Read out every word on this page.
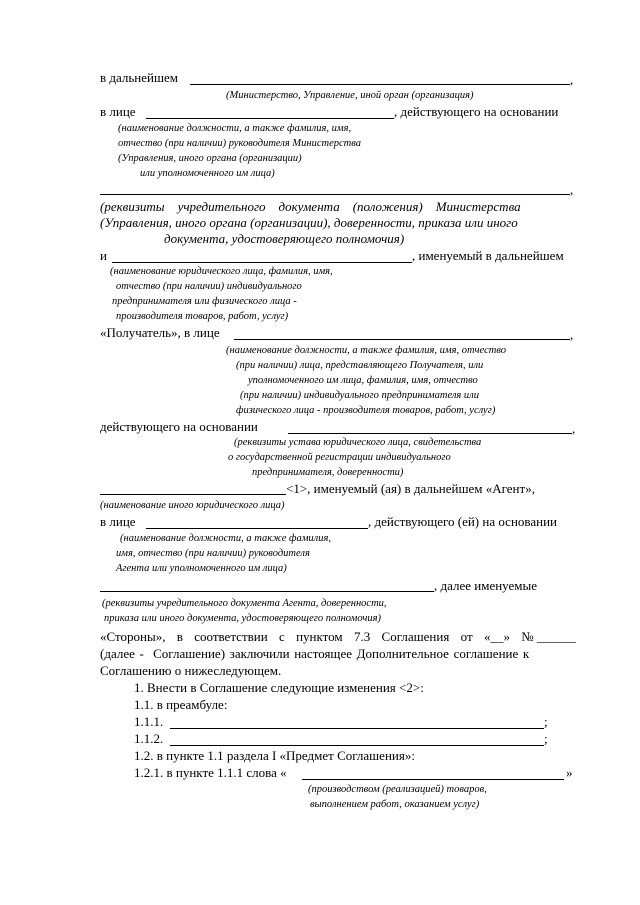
в дальнейшем	,
(Министерство, Управление, иной орган (организация)
в лице	, действующего на основании
(наименование должности, а также фамилия, имя,
отчество (при наличии) руководителя Министерства
(Управления, иного органа (организации)
или уполномоченного им лица)
,
(реквизиты    учредительного    документа    (положения)    Министерства
(Управления, иного органа (организации), доверенности, приказа или иного
документа, удостоверяющего полномочия)
и	, именуемый в дальнейшем
(наименование юридического лица, фамилия, имя,
отчество (при наличии) индивидуального
предпринимателя или физического лица -
производителя товаров, работ, услуг)
«Получатель», в лице	,
(наименование должности, а также фамилия, имя, отчество
(при наличии) лица, представляющего Получателя, или
уполномоченного им лица, фамилия, имя, отчество
(при наличии) индивидуального предпринимателя или
физического лица - производителя товаров, работ, услуг)
действующего на основании	,
(реквизиты устава юридического лица, свидетельства
о государственной регистрации индивидуального
предпринимателя, доверенности)
<1>, именуемый (ая) в дальнейшем «Агент»,
(наименование иного юридического лица)
в лице	, действующего (ей) на основании
(наименование должности, а также фамилия,
имя, отчество (при наличии) руководителя
Агента или уполномоченного им лица)
, далее именуемые
(реквизиты учредительного документа Агента, доверенности,
приказа или иного документа, удостоверяющего полномочия)
«Стороны», в соответствии с пунктом 7.3 Соглашения от «__» № ______
(далее -  Соглашение) заключили настоящее Дополнительное соглашение к
Соглашению о нижеследующем.
1. Внести в Соглашение следующие изменения <2>:
1.1. в преамбуле:
1.1.1.	;
1.1.2.	;
1.2. в пункте 1.1 раздела I «Предмет Соглашения»:
1.2.1. в пункте 1.1.1 слова «	»
(производством (реализацией) товаров,
выполнением работ, оказанием услуг)
